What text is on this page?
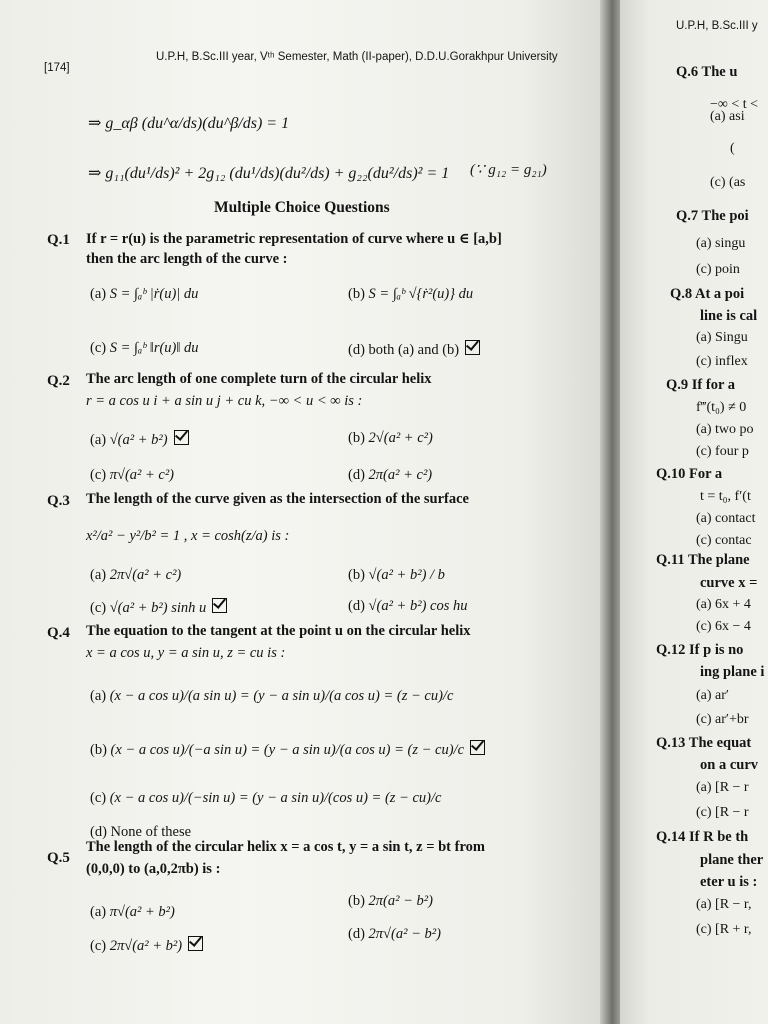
[174]
U.P.H, B.Sc.III year, Vᵗʰ Semester, Math (II-paper), D.D.U.Gorakhpur University
⇒ g_αβ (du^α/ds)(du^β/ds) = 1
⇒ g₁₁(du¹/ds)² + 2g₁₂ (du¹/ds)(du²/ds) + g₂₂(du²/ds)² = 1 (∵ g₁₂ = g₂₁)
Multiple Choice Questions
Q.1 If r = r(u) is the parametric representation of curve where u ∈ [a,b]
then the arc length of the curve :
(a) S = ∫ₐᵇ |ṙ(u)| du	(b) S = ∫ₐᵇ √{ṙ²(u)} du
(c) S = ∫ₐᵇ ‖r(u)‖ du	(d) both (a) and (b)
Q.2 The arc length of one complete turn of the circular helix
r = a cos u i + a sin u j + cu k, −∞ < u < ∞ is :
(a) √(a² + b²)	(b) 2√(a² + c²)
(c) π√(a² + c²)	(d) 2π(a² + c²)
Q.3 The length of the curve given as the intersection of the surface
x²/a² − y²/b² = 1 , x = cosh(z/a) is :
(a) 2π√(a² + c²)	(b) √(a² + b²) / b
(c) √(a² + b²) sinh u	(d) √(a² + b²) cos hu
Q.4 The equation to the tangent at the point u on the circular helix
x = a cos u, y = a sin u, z = cu is :
(a) (x − a cos u)/(a sin u) = (y − a sin u)/(a cos u) = (z − cu)/c
(b) (x − a cos u)/(−a sin u) = (y − a sin u)/(a cos u) = (z − cu)/c
(c) (x − a cos u)/(−sin u) = (y − a sin u)/(cos u) = (z − cu)/c
(d) None of these
Q.5
The length of the circular helix x = a cos t, y = a sin t, z = bt from
(0,0,0) to (a,0,2πb) is :
(a) π√(a² + b²)
(b) 2π(a² − b²)
(c) 2π√(a² + b²)
(d) 2π√(a² − b²)
U.P.H, B.Sc.III y
Q.6 The u
−∞ < t <
(a) asi
(
(c) (as
Q.7 The poi
(a) singu
(c) poin
Q.8 At a poi
line is cal
(a) Singu
(c) inflex
Q.9 If for a
f‴(t₀) ≠ 0
(a) two po
(c) four p
Q.10 For a
t = t₀, f′(t
(a) contact
(c) contac
Q.11 The plane
curve x =
(a) 6x + 4
(c) 6x − 4
Q.12 If p is no
ing plane i
(a) ar′
(c) ar′+br
Q.13 The equat
on a curv
(a) [R − r
(c) [R − r
Q.14 If R be th
plane ther
eter u is :
(a) [R − r,
(c) [R + r,
